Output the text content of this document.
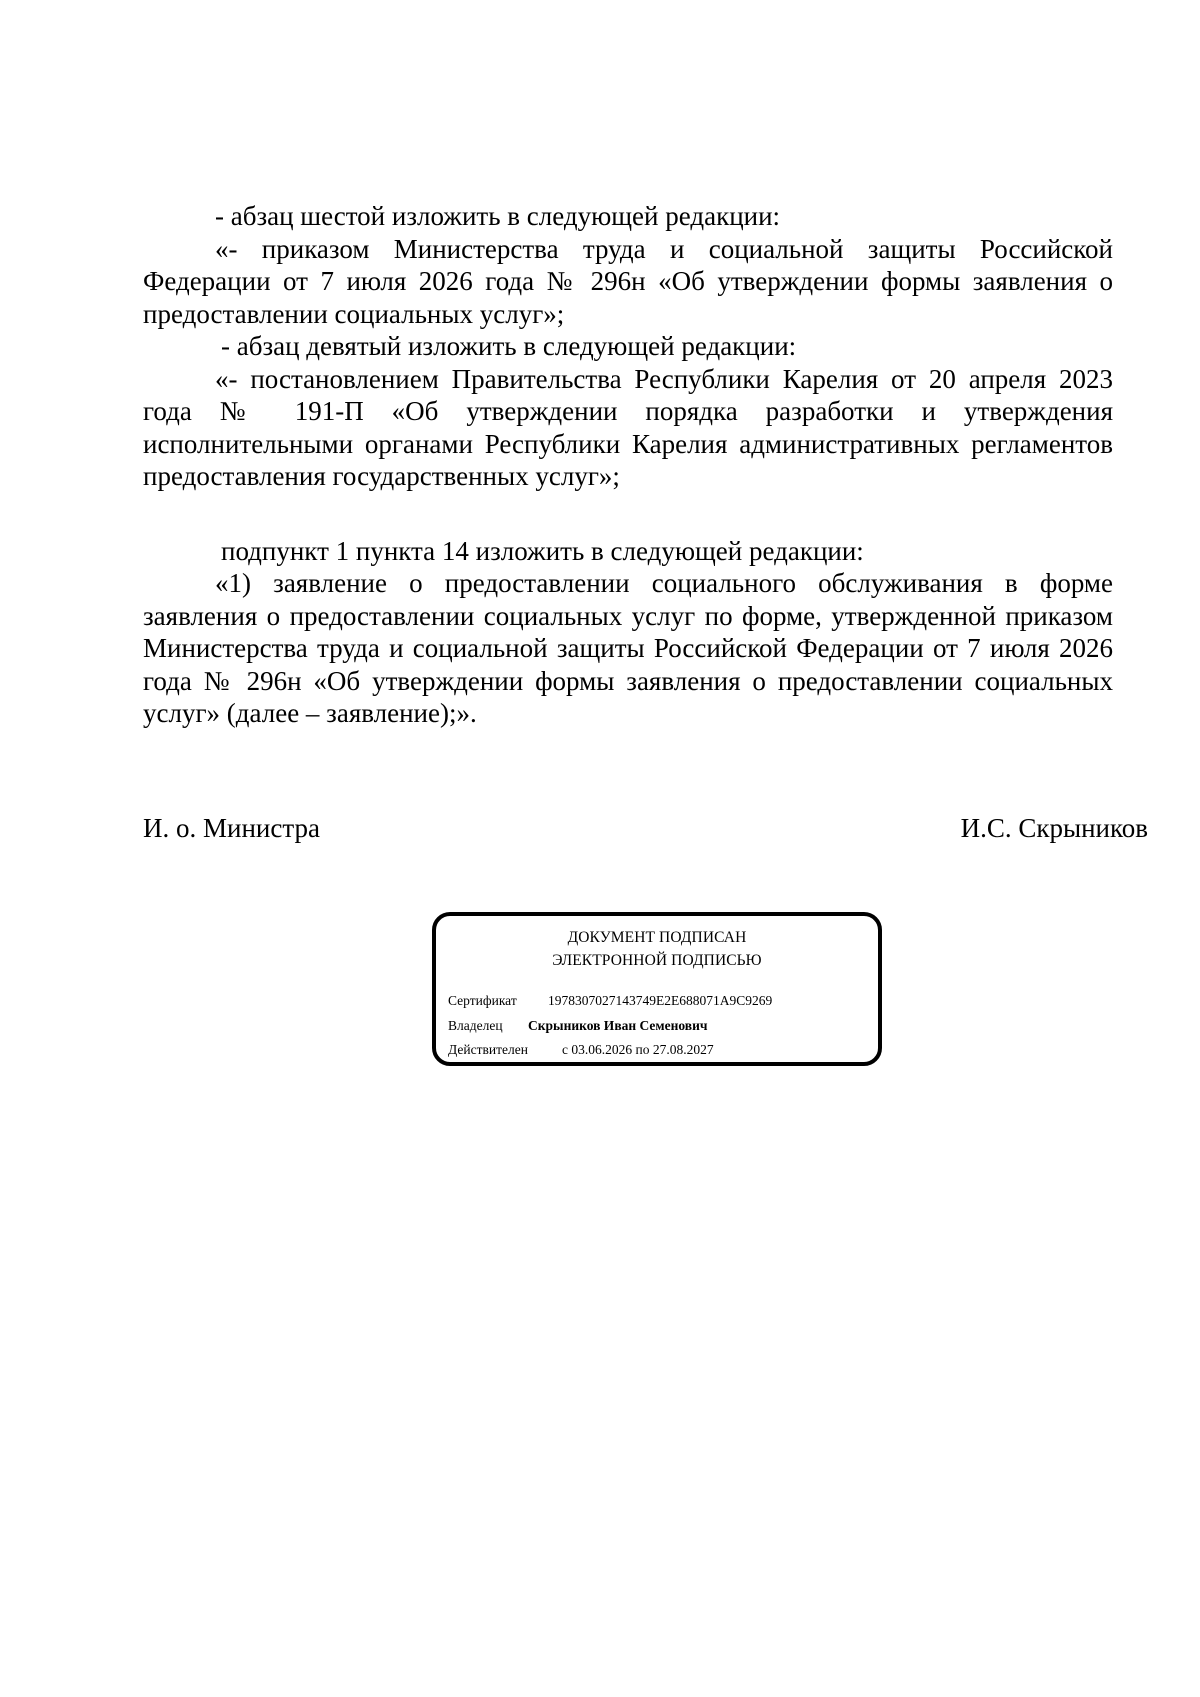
- абзац шестой изложить в следующей редакции:

«- приказом Министерства труда и социальной защиты Российской Федерации от 7 июля 2026 года № 296н «Об утверждении формы заявления о предоставлении социальных услуг»;

- абзац девятый изложить в следующей редакции:

«- постановлением Правительства Республики Карелия от 20 апреля 2023 года № 191-П «Об утверждении порядка разработки и утверждения исполнительными органами Республики Карелия административных регламентов предоставления государственных услуг»;

подпункт 1 пункта 14 изложить в следующей редакции:

«1) заявление о предоставлении социального обслуживания в форме заявления о предоставлении социальных услуг по форме, утвержденной приказом Министерства труда и социальной защиты Российской Федерации от 7 июля 2026 года № 296н «Об утверждении формы заявления о предоставлении социальных услуг» (далее – заявление);».

И. о. Министра	И.С. Скрыников
ДОКУМЕНТ ПОДПИСАН
ЭЛЕКТРОННОЙ ПОДПИСЬЮ
Сертификат 1978307027143749E2E688071A9C9269
Владелец Скрыников Иван Семенович
Действителен	с 03.06.2026 по 27.08.2027
